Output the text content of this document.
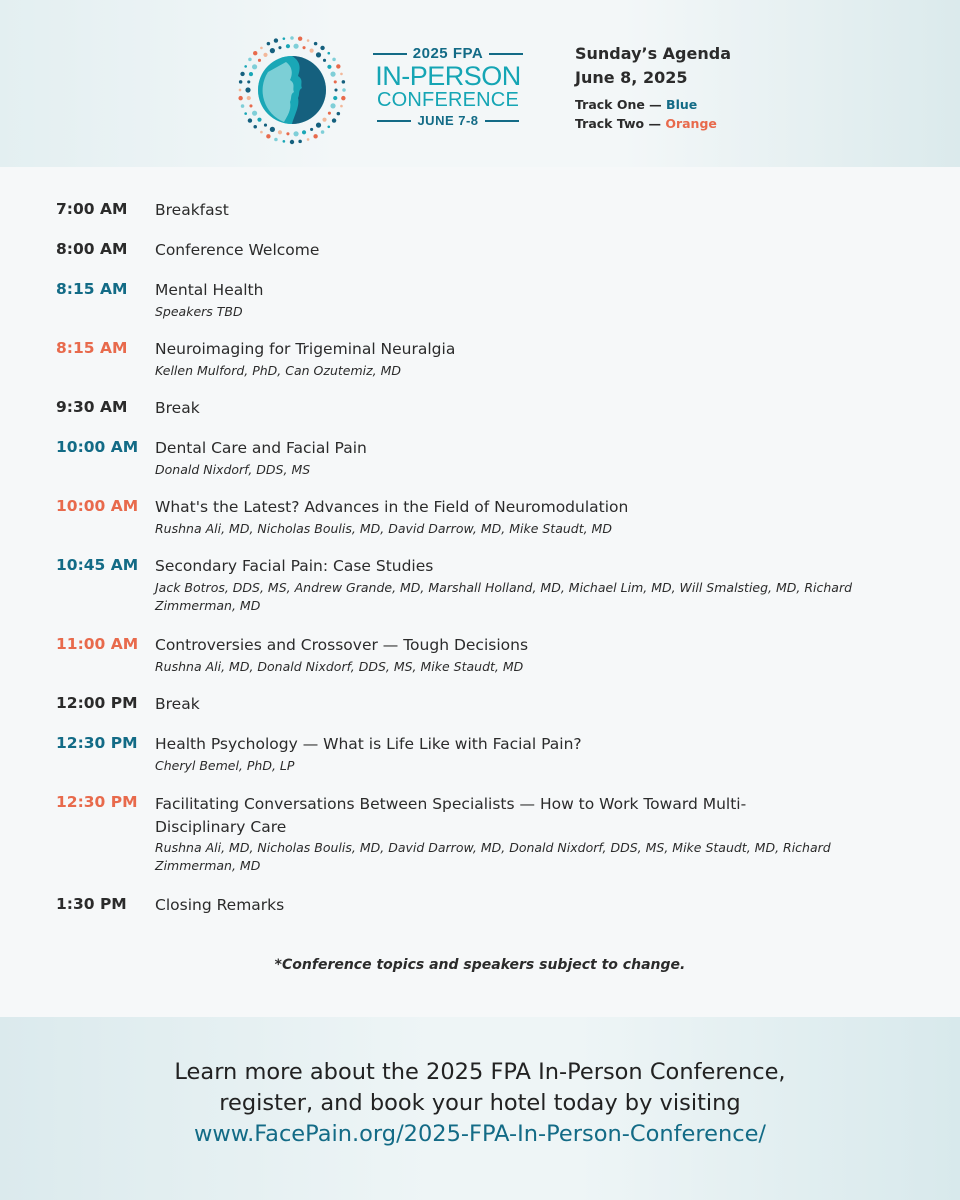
2025 FPA
IN-PERSON
CONFERENCE
JUNE 7-8
Sunday’s Agenda
June 8, 2025
Track One — Blue
Track Two — Orange
7:00 AM	Breakfast
8:00 AM	Conference Welcome
8:15 AM	Mental Health
Speakers TBD
8:15 AM	Neuroimaging for Trigeminal Neuralgia
Kellen Mulford, PhD, Can Ozutemiz, MD
9:30 AM	Break
10:00 AM	Dental Care and Facial Pain
Donald Nixdorf, DDS, MS
10:00 AM	What's the Latest? Advances in the Field of Neuromodulation
Rushna Ali, MD, Nicholas Boulis, MD, David Darrow, MD, Mike Staudt, MD
10:45 AM	Secondary Facial Pain: Case Studies
Jack Botros, DDS, MS, Andrew Grande, MD, Marshall Holland, MD, Michael Lim, MD, Will Smalstieg, MD, Richard Zimmerman, MD
11:00 AM	Controversies and Crossover — Tough Decisions
Rushna Ali, MD, Donald Nixdorf, DDS, MS, Mike Staudt, MD
12:00 PM	Break
12:30 PM	Health Psychology — What is Life Like with Facial Pain?
Cheryl Bemel, PhD, LP
12:30 PM	Facilitating Conversations Between Specialists — How to Work Toward Multi-Disciplinary Care
Rushna Ali, MD, Nicholas Boulis, MD, David Darrow, MD, Donald Nixdorf, DDS, MS, Mike Staudt, MD, Richard Zimmerman, MD
1:30 PM	Closing Remarks
*Conference topics and speakers subject to change.
Learn more about the 2025 FPA In-Person Conference,
register, and book your hotel today by visiting
www.FacePain.org/2025-FPA-In-Person-Conference/
